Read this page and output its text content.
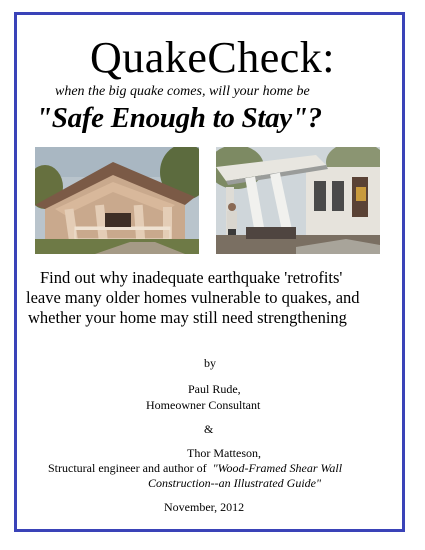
QuakeCheck:
when the big quake comes, will your home be
"Safe Enough to Stay"?
Find out why inadequate earthquake 'retrofits'
leave many older homes vulnerable to quakes, and
whether your home may still need strengthening
by
Paul Rude,
Homeowner Consultant
&
Thor Matteson,
Structural engineer and author of "Wood-Framed Shear Wall
Construction--an Illustrated Guide"
November, 2012
